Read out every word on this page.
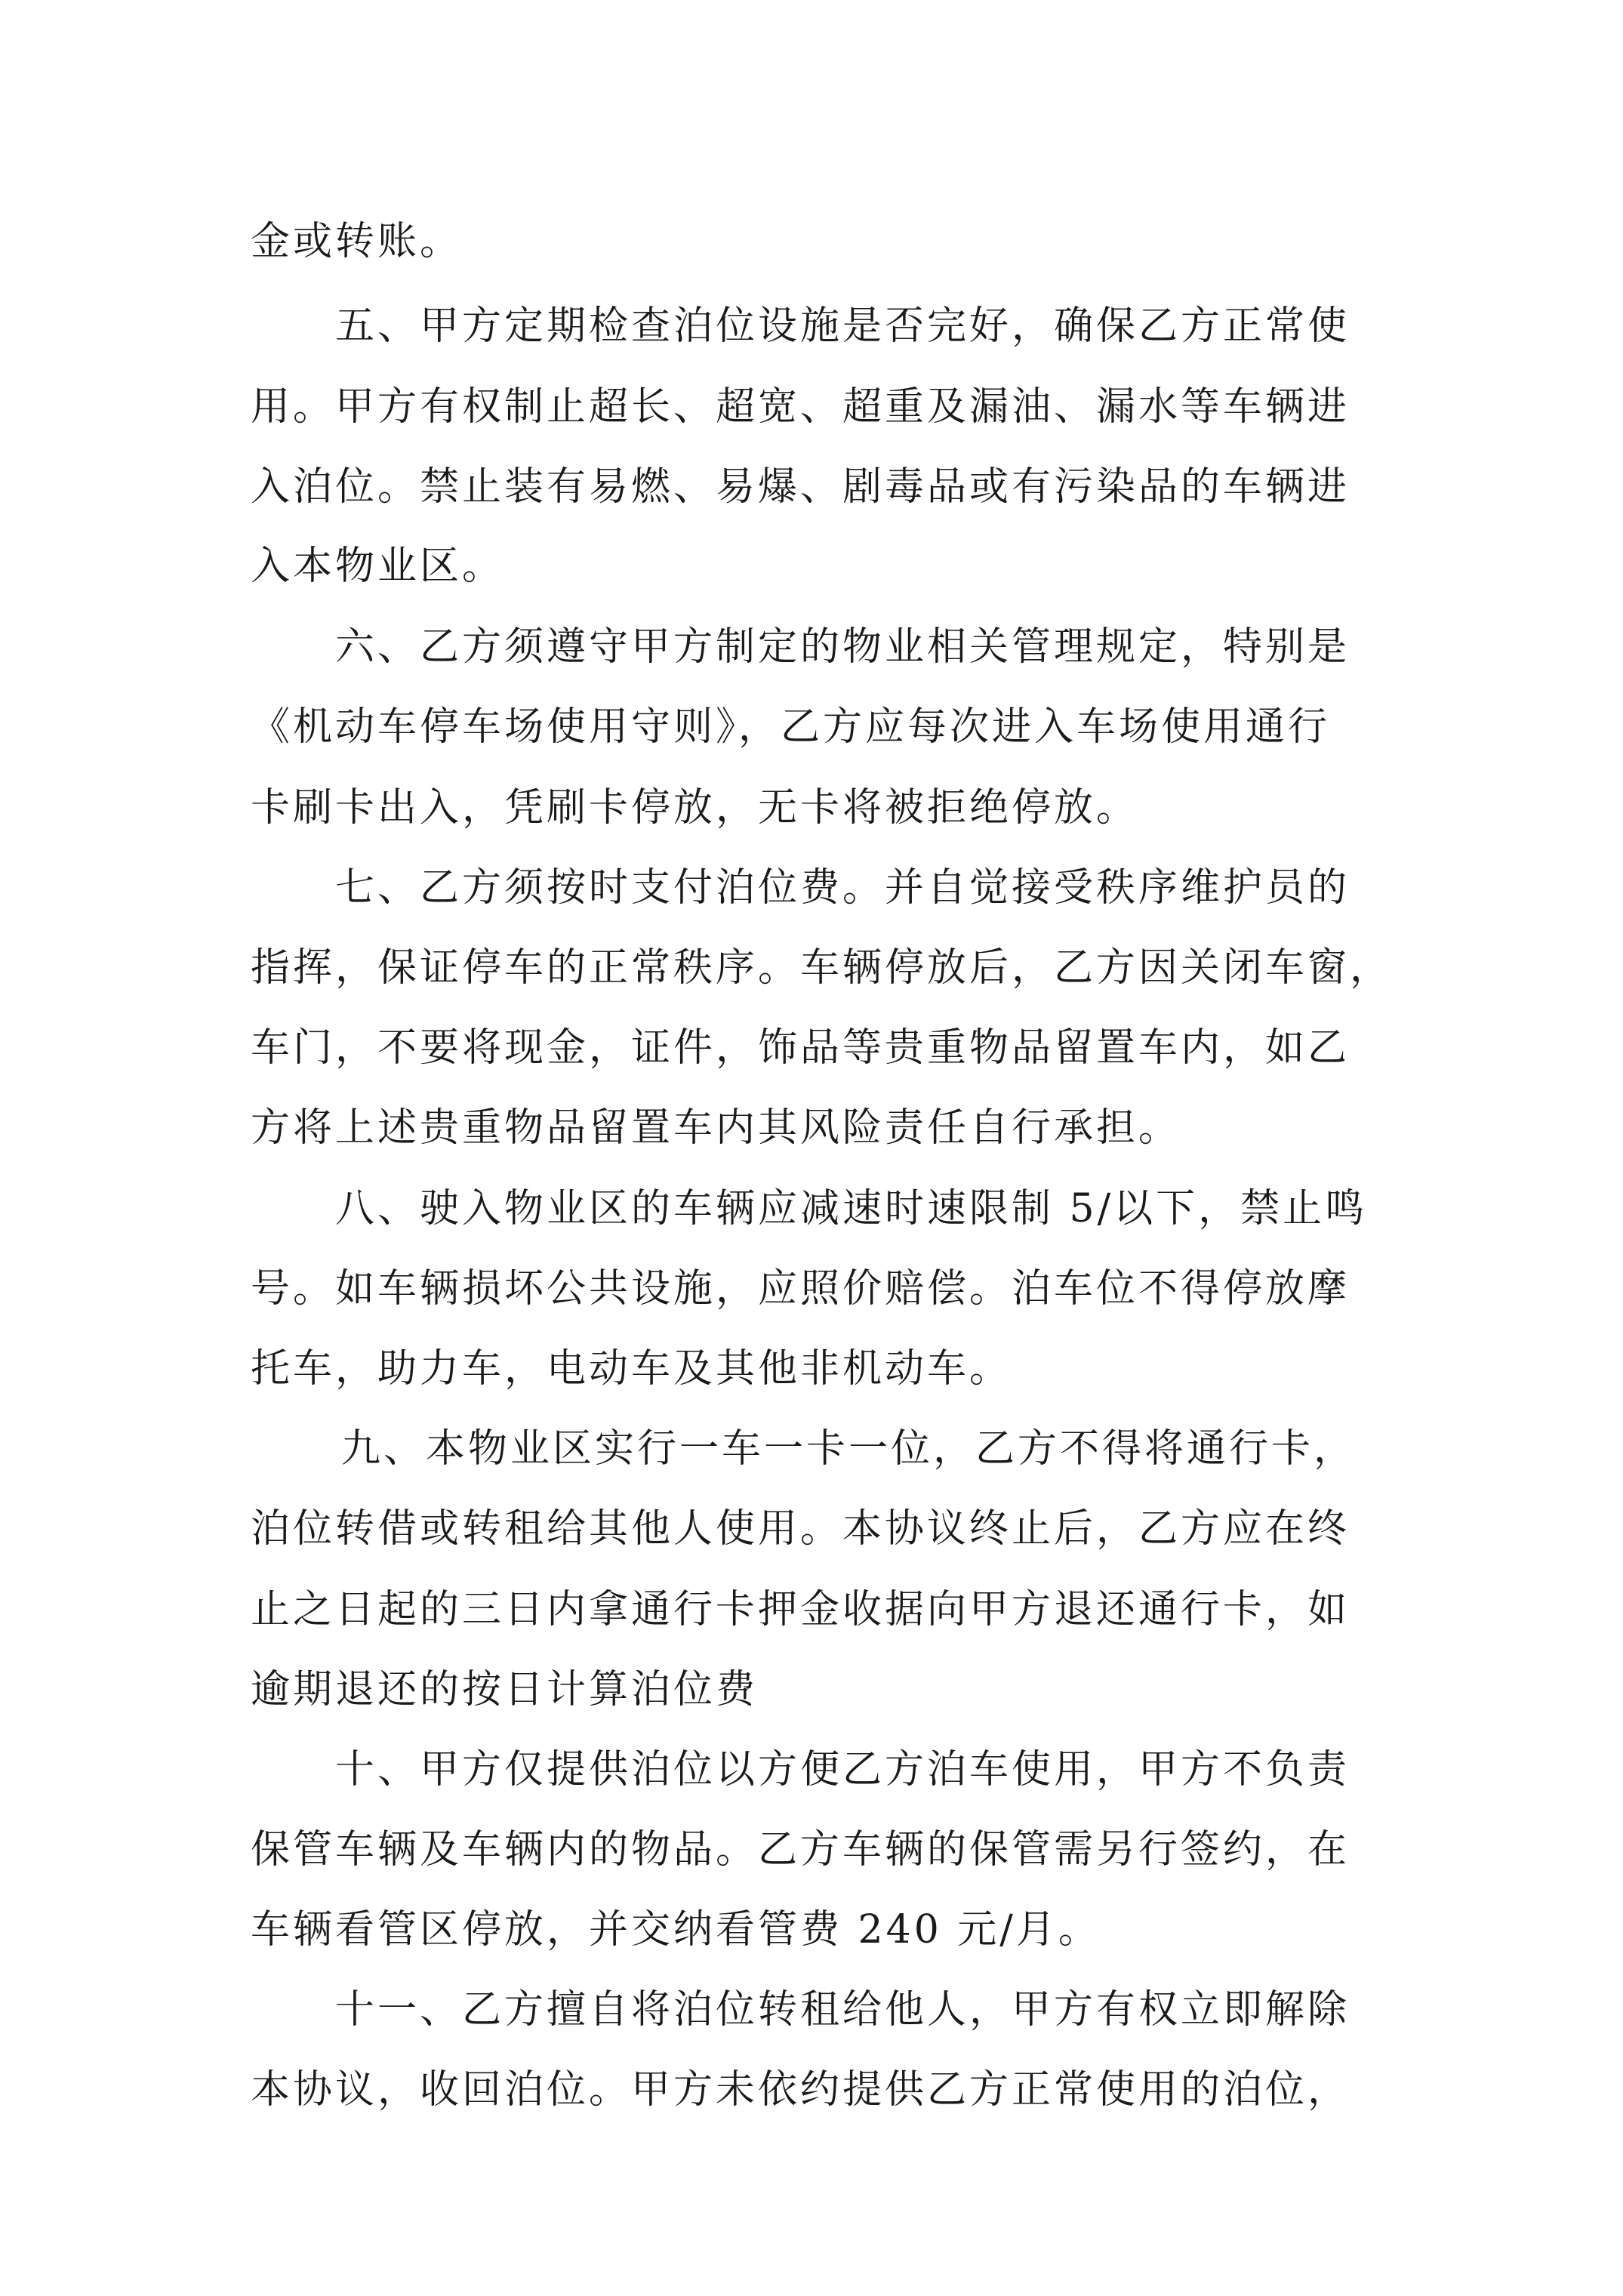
金或转账。
五、甲方定期检查泊位设施是否完好，确保乙方正常使
用。甲方有权制止超长、超宽、超重及漏油、漏水等车辆进
入泊位。禁止装有易燃、易爆、剧毒品或有污染品的车辆进
入本物业区。
六、乙方须遵守甲方制定的物业相关管理规定，特别是
《机动车停车场使用守则》，乙方应每次进入车场使用通行
卡刷卡出入，凭刷卡停放，无卡将被拒绝停放。
七、乙方须按时支付泊位费。并自觉接受秩序维护员的
指挥，保证停车的正常秩序。车辆停放后，乙方因关闭车窗，
车门，不要将现金，证件，饰品等贵重物品留置车内，如乙
方将上述贵重物品留置车内其风险责任自行承担。
八、驶入物业区的车辆应减速时速限制 5/以下，禁止鸣
号。如车辆损坏公共设施，应照价赔偿。泊车位不得停放摩
托车，助力车，电动车及其他非机动车。
九、本物业区实行一车一卡一位，乙方不得将通行卡，
泊位转借或转租给其他人使用。本协议终止后，乙方应在终
止之日起的三日内拿通行卡押金收据向甲方退还通行卡，如
逾期退还的按日计算泊位费
十、甲方仅提供泊位以方便乙方泊车使用，甲方不负责
保管车辆及车辆内的物品。乙方车辆的保管需另行签约，在
车辆看管区停放，并交纳看管费 240 元/月。
十一、乙方擅自将泊位转租给他人，甲方有权立即解除
本协议，收回泊位。甲方未依约提供乙方正常使用的泊位，
